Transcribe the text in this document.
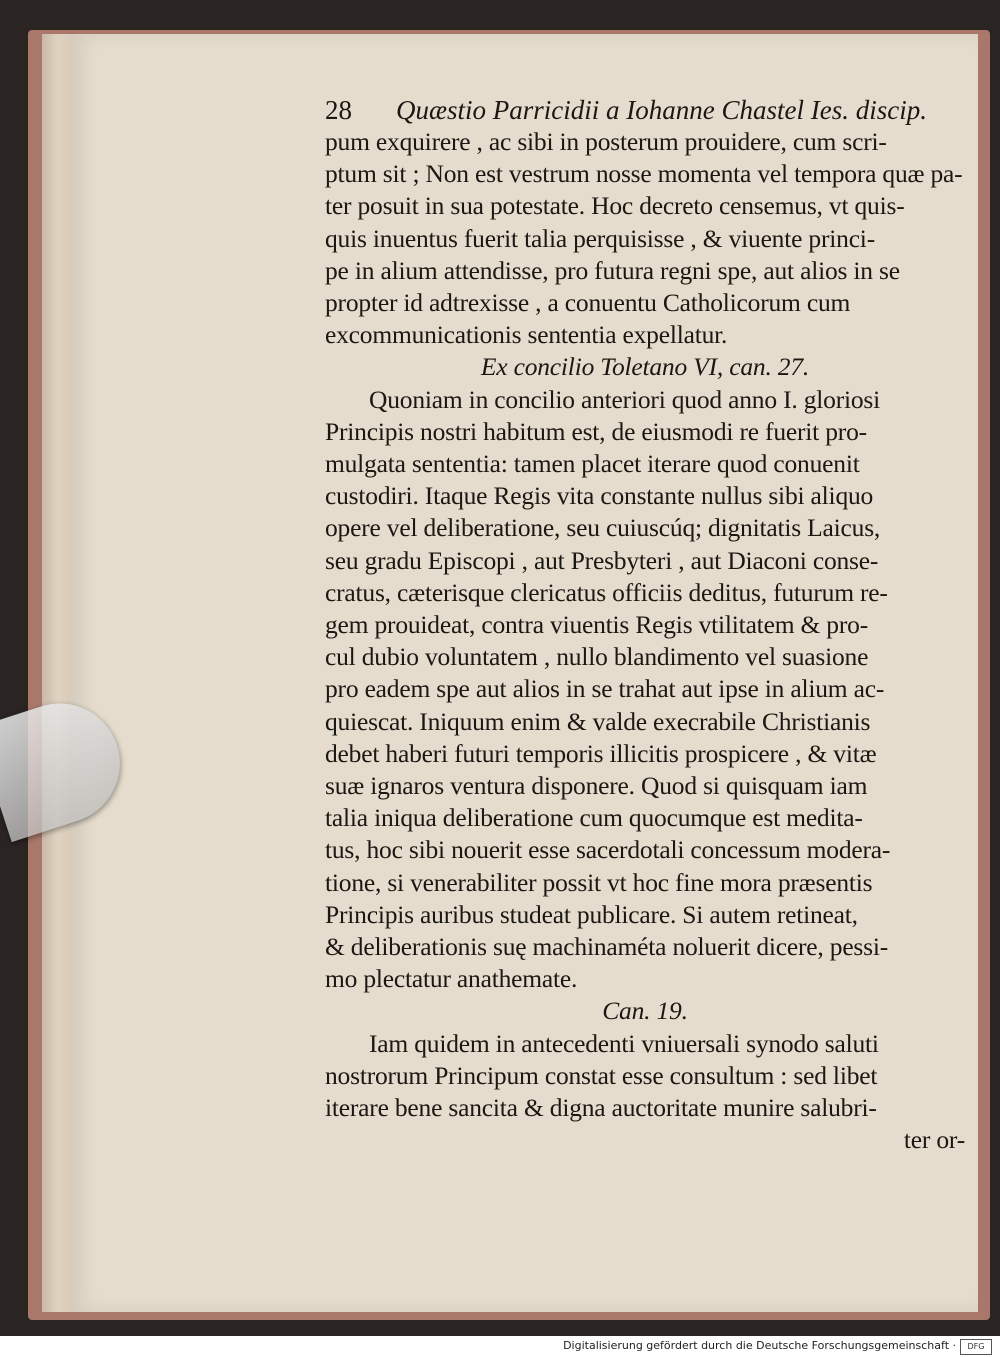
28 Quæstio Parricidii a Iohanne Chastel Ies. discip.
pum exquirere , ac sibi in posterum prouidere, cum scri-
ptum sit ; Non est vestrum nosse momenta vel tempora quæ pa-
ter posuit in sua potestate. Hoc decreto censemus, vt quis-
quis inuentus fuerit talia perquisisse , & viuente princi-
pe in alium attendisse, pro futura regni spe, aut alios in se
propter id adtrexisse , a conuentu Catholicorum cum
excommunicationis sententia expellatur.
Ex concilio Toletano VI, can. 27.
Quoniam in concilio anteriori quod anno I. gloriosi
Principis nostri habitum est, de eiusmodi re fuerit pro-
mulgata sententia: tamen placet iterare quod conuenit
custodiri. Itaque Regis vita constante nullus sibi aliquo
opere vel deliberatione, seu cuiuscúq; dignitatis Laicus,
seu gradu Episcopi , aut Presbyteri , aut Diaconi conse-
cratus, cæterisque clericatus officiis deditus, futurum re-
gem prouideat, contra viuentis Regis vtilitatem & pro-
cul dubio voluntatem , nullo blandimento vel suasione
pro eadem spe aut alios in se trahat aut ipse in alium ac-
quiescat. Iniquum enim & valde execrabile Christianis
debet haberi futuri temporis illicitis prospicere , & vitæ
suæ ignaros ventura disponere. Quod si quisquam iam
talia iniqua deliberatione cum quocumque est medita-
tus, hoc sibi nouerit esse sacerdotali concessum modera-
tione, si venerabiliter possit vt hoc fine mora præsentis
Principis auribus studeat publicare. Si autem retineat,
& deliberationis suę machinaméta noluerit dicere, pessi-
mo plectatur anathemate.
Can. 19.
Iam quidem in antecedenti vniuersali synodo saluti
nostrorum Principum constat esse consultum : sed libet
iterare bene sancita & digna auctoritate munire salubri-
ter or-
Digitalisierung gefördert durch die Deutsche Forschungsgemeinschaft ·	DFG
